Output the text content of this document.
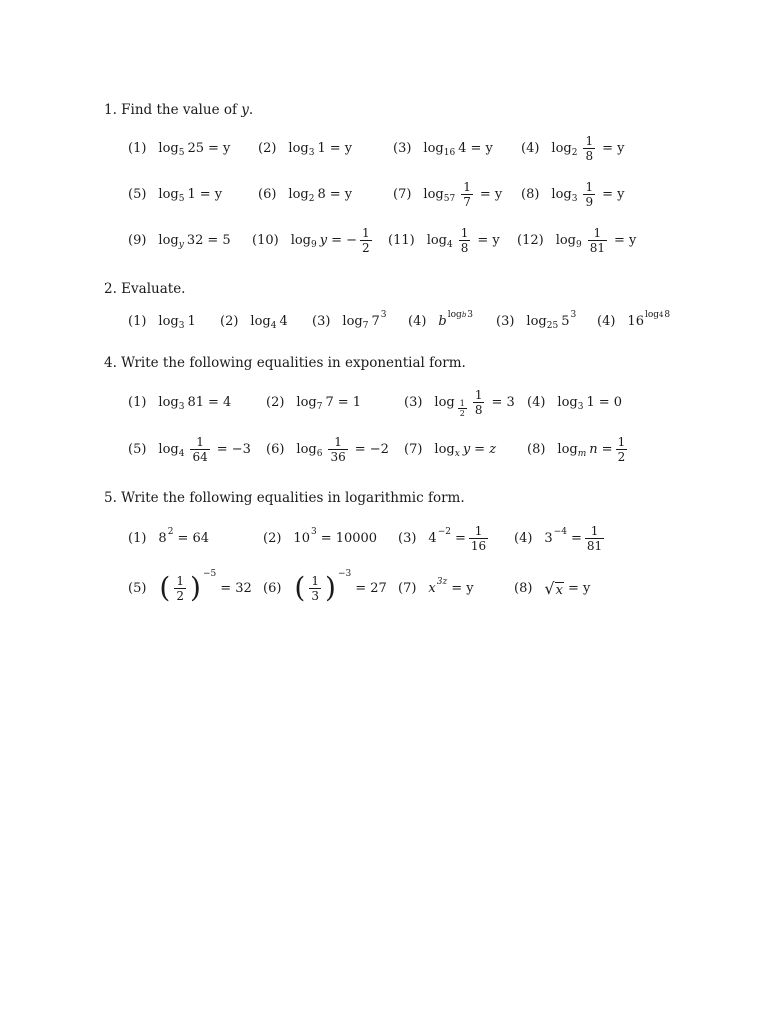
1. Find the value of y.
(1) log 5 25 = y (2) log 3 1 = y	(3) log 16 4 = y (4) $\log 2 \frac{1}{8} = y$
(5) log 5 1 = y	(6) log 2 8 = y	(7) $\log 57 \frac{1}{7} = y$ (8) $\log 3 \frac{1}{9} = y$
(9) log y 32 = 5 (10) log 9 y = − $\frac{1}{2} (11)$ $\log 4 \frac{1}{8} = y$ (12) $\log 9 \frac{1}{81} = y$
2. Evaluate.
(1) log 3 1 (2) log 4 4 (3) log 7 7 3 (4) b logb 3 (3) log 25 5 3 (4) 16 log4 8
4. Write the following equalities in exponential form.
(1) log 3 81 = 4	(2) log 7 7 = 1	(3) $\log \frac{1}{2} \frac{1}{8} = 3$ (4) log 3 1 = 0
(5) $\log 4 \frac{1}{64} = -3$ (6) $\log 6 \frac{1}{36} = -2$ (7) log x y = z (8) log m $n = \frac{1}{2}$
5. Write the following equalities in logarithmic form.
(1) 8 2 = 64	(2) 10 3 = 10000 (3) $4 -2 = \frac{1}{16} (4)$ $3 -4 = \frac{1}{81}$
(5) ( $\frac{1}{2}$ ) −5
= 32 (6) ( $\frac{1}{3}$ ) −3
= 27 (7) x 3z = y	(8) √ x = y
